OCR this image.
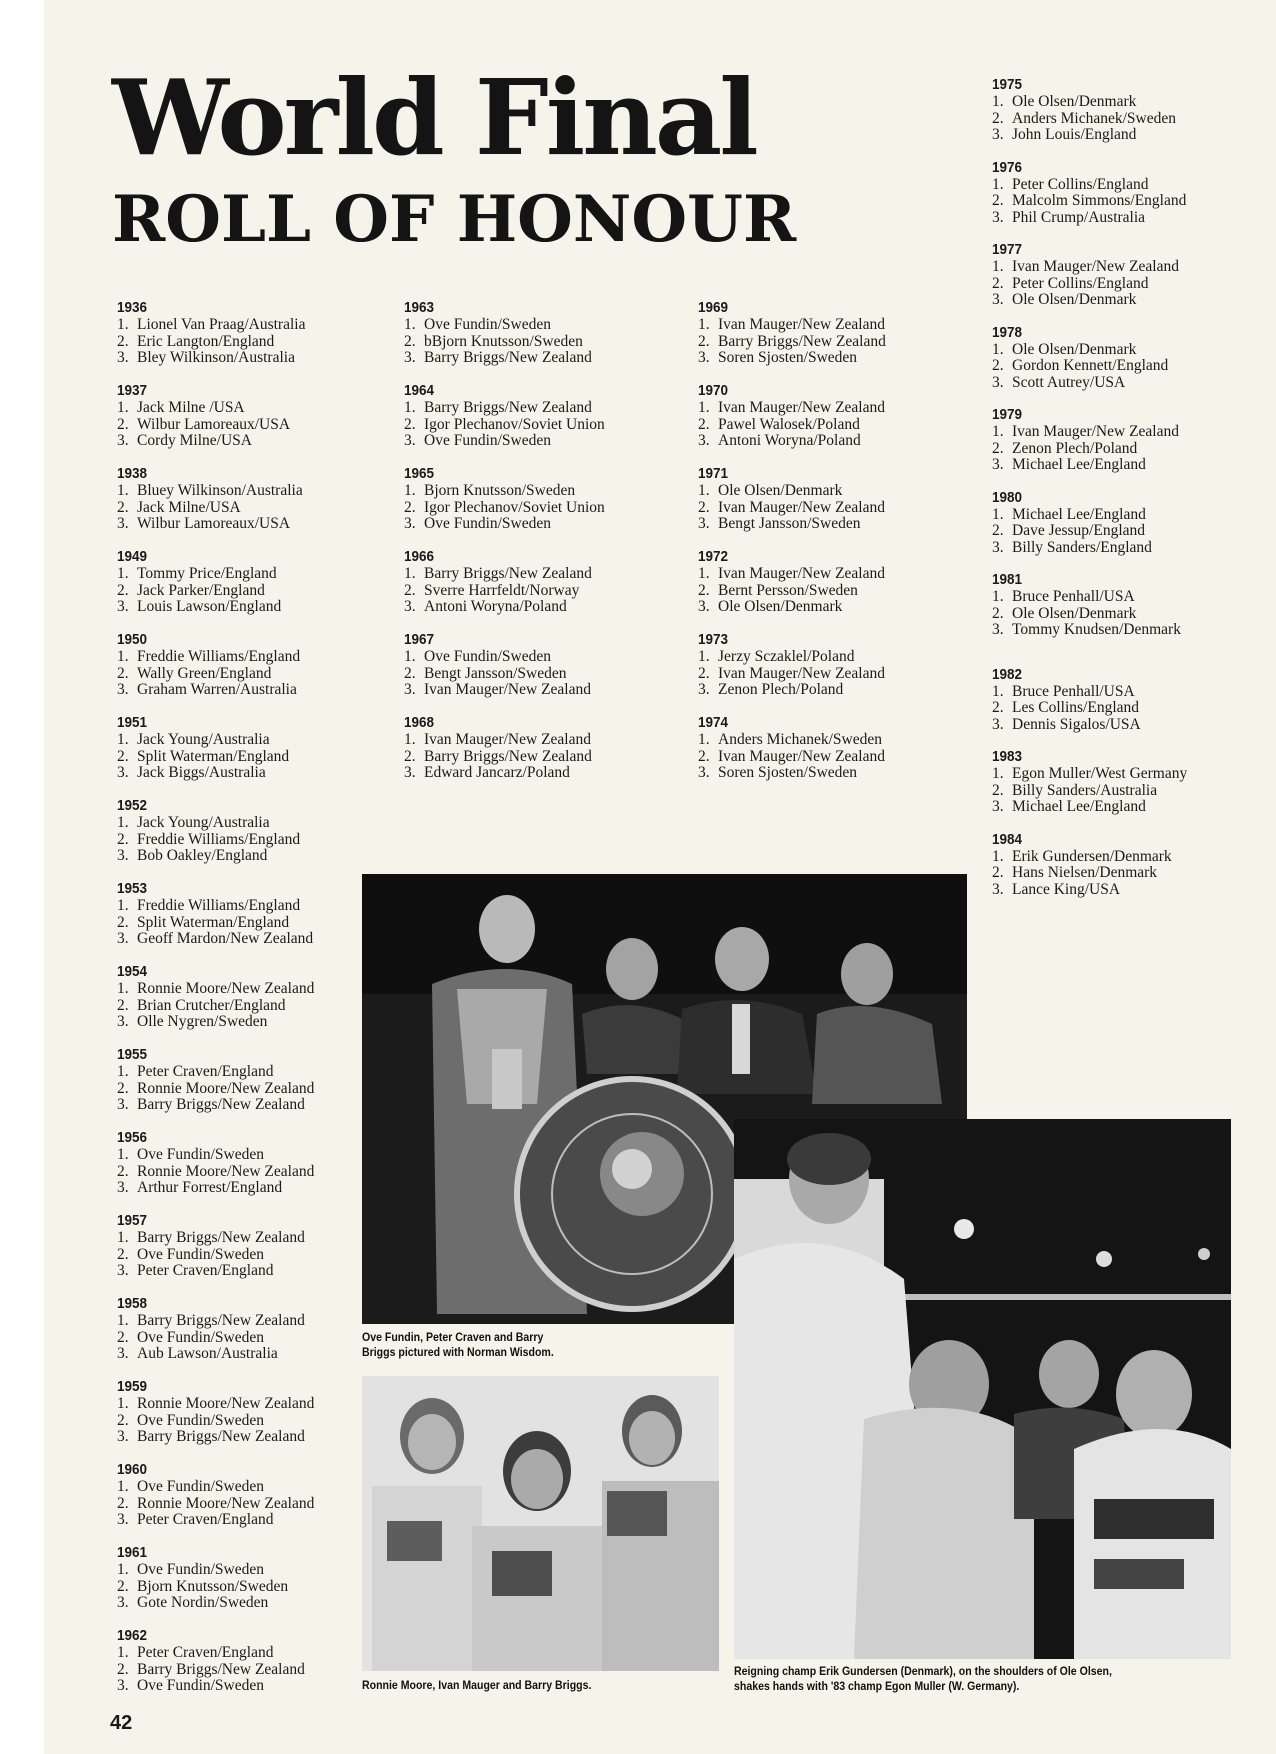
World Final
ROLL OF HONOUR
1936
1. Lionel Van Praag/Australia
2. Eric Langton/England
3. Bley Wilkinson/Australia
1937
1. Jack Milne /USA
2. Wilbur Lamoreaux/USA
3. Cordy Milne/USA
1938
1. Bluey Wilkinson/Australia
2. Jack Milne/USA
3. Wilbur Lamoreaux/USA
1949
1. Tommy Price/England
2. Jack Parker/England
3. Louis Lawson/England
1950
1. Freddie Williams/England
2. Wally Green/England
3. Graham Warren/Australia
1951
1. Jack Young/Australia
2. Split Waterman/England
3. Jack Biggs/Australia
1952
1. Jack Young/Australia
2. Freddie Williams/England
3. Bob Oakley/England
1953
1. Freddie Williams/England
2. Split Waterman/England
3. Geoff Mardon/New Zealand
1954
1. Ronnie Moore/New Zealand
2. Brian Crutcher/England
3. Olle Nygren/Sweden
1955
1. Peter Craven/England
2. Ronnie Moore/New Zealand
3. Barry Briggs/New Zealand
1956
1. Ove Fundin/Sweden
2. Ronnie Moore/New Zealand
3. Arthur Forrest/England
1957
1. Barry Briggs/New Zealand
2. Ove Fundin/Sweden
3. Peter Craven/England
1958
1. Barry Briggs/New Zealand
2. Ove Fundin/Sweden
3. Aub Lawson/Australia
1959
1. Ronnie Moore/New Zealand
2. Ove Fundin/Sweden
3. Barry Briggs/New Zealand
1960
1. Ove Fundin/Sweden
2. Ronnie Moore/New Zealand
3. Peter Craven/England
1961
1. Ove Fundin/Sweden
2. Bjorn Knutsson/Sweden
3. Gote Nordin/Sweden
1962
1. Peter Craven/England
2. Barry Briggs/New Zealand
3. Ove Fundin/Sweden
1963
1. Ove Fundin/Sweden
2. bBjorn Knutsson/Sweden
3. Barry Briggs/New Zealand
1964
1. Barry Briggs/New Zealand
2. Igor Plechanov/Soviet Union
3. Ove Fundin/Sweden
1965
1. Bjorn Knutsson/Sweden
2. Igor Plechanov/Soviet Union
3. Ove Fundin/Sweden
1966
1. Barry Briggs/New Zealand
2. Sverre Harrfeldt/Norway
3. Antoni Woryna/Poland
1967
1. Ove Fundin/Sweden
2. Bengt Jansson/Sweden
3. Ivan Mauger/New Zealand
1968
1. Ivan Mauger/New Zealand
2. Barry Briggs/New Zealand
3. Edward Jancarz/Poland
1969
1. Ivan Mauger/New Zealand
2. Barry Briggs/New Zealand
3. Soren Sjosten/Sweden
1970
1. Ivan Mauger/New Zealand
2. Pawel Walosek/Poland
3. Antoni Woryna/Poland
1971
1. Ole Olsen/Denmark
2. Ivan Mauger/New Zealand
3. Bengt Jansson/Sweden
1972
1. Ivan Mauger/New Zealand
2. Bernt Persson/Sweden
3. Ole Olsen/Denmark
1973
1. Jerzy Sczaklel/Poland
2. Ivan Mauger/New Zealand
3. Zenon Plech/Poland
1974
1. Anders Michanek/Sweden
2. Ivan Mauger/New Zealand
3. Soren Sjosten/Sweden
1975
1. Ole Olsen/Denmark
2. Anders Michanek/Sweden
3. John Louis/England
1976
1. Peter Collins/England
2. Malcolm Simmons/England
3. Phil Crump/Australia
1977
1. Ivan Mauger/New Zealand
2. Peter Collins/England
3. Ole Olsen/Denmark
1978
1. Ole Olsen/Denmark
2. Gordon Kennett/England
3. Scott Autrey/USA
1979
1. Ivan Mauger/New Zealand
2. Zenon Plech/Poland
3. Michael Lee/England
1980
1. Michael Lee/England
2. Dave Jessup/England
3. Billy Sanders/England
1981
1. Bruce Penhall/USA
2. Ole Olsen/Denmark
3. Tommy Knudsen/Denmark
1982
1. Bruce Penhall/USA
2. Les Collins/England
3. Dennis Sigalos/USA
1983
1. Egon Muller/West Germany
2. Billy Sanders/Australia
3. Michael Lee/England
1984
1. Erik Gundersen/Denmark
2. Hans Nielsen/Denmark
3. Lance King/USA
Ove Fundin, Peter Craven and Barry
Briggs pictured with Norman Wisdom.
Ronnie Moore, Ivan Mauger and Barry Briggs.
Reigning champ Erik Gundersen (Denmark), on the shoulders of Ole Olsen,
shakes hands with '83 champ Egon Muller (W. Germany).
42
